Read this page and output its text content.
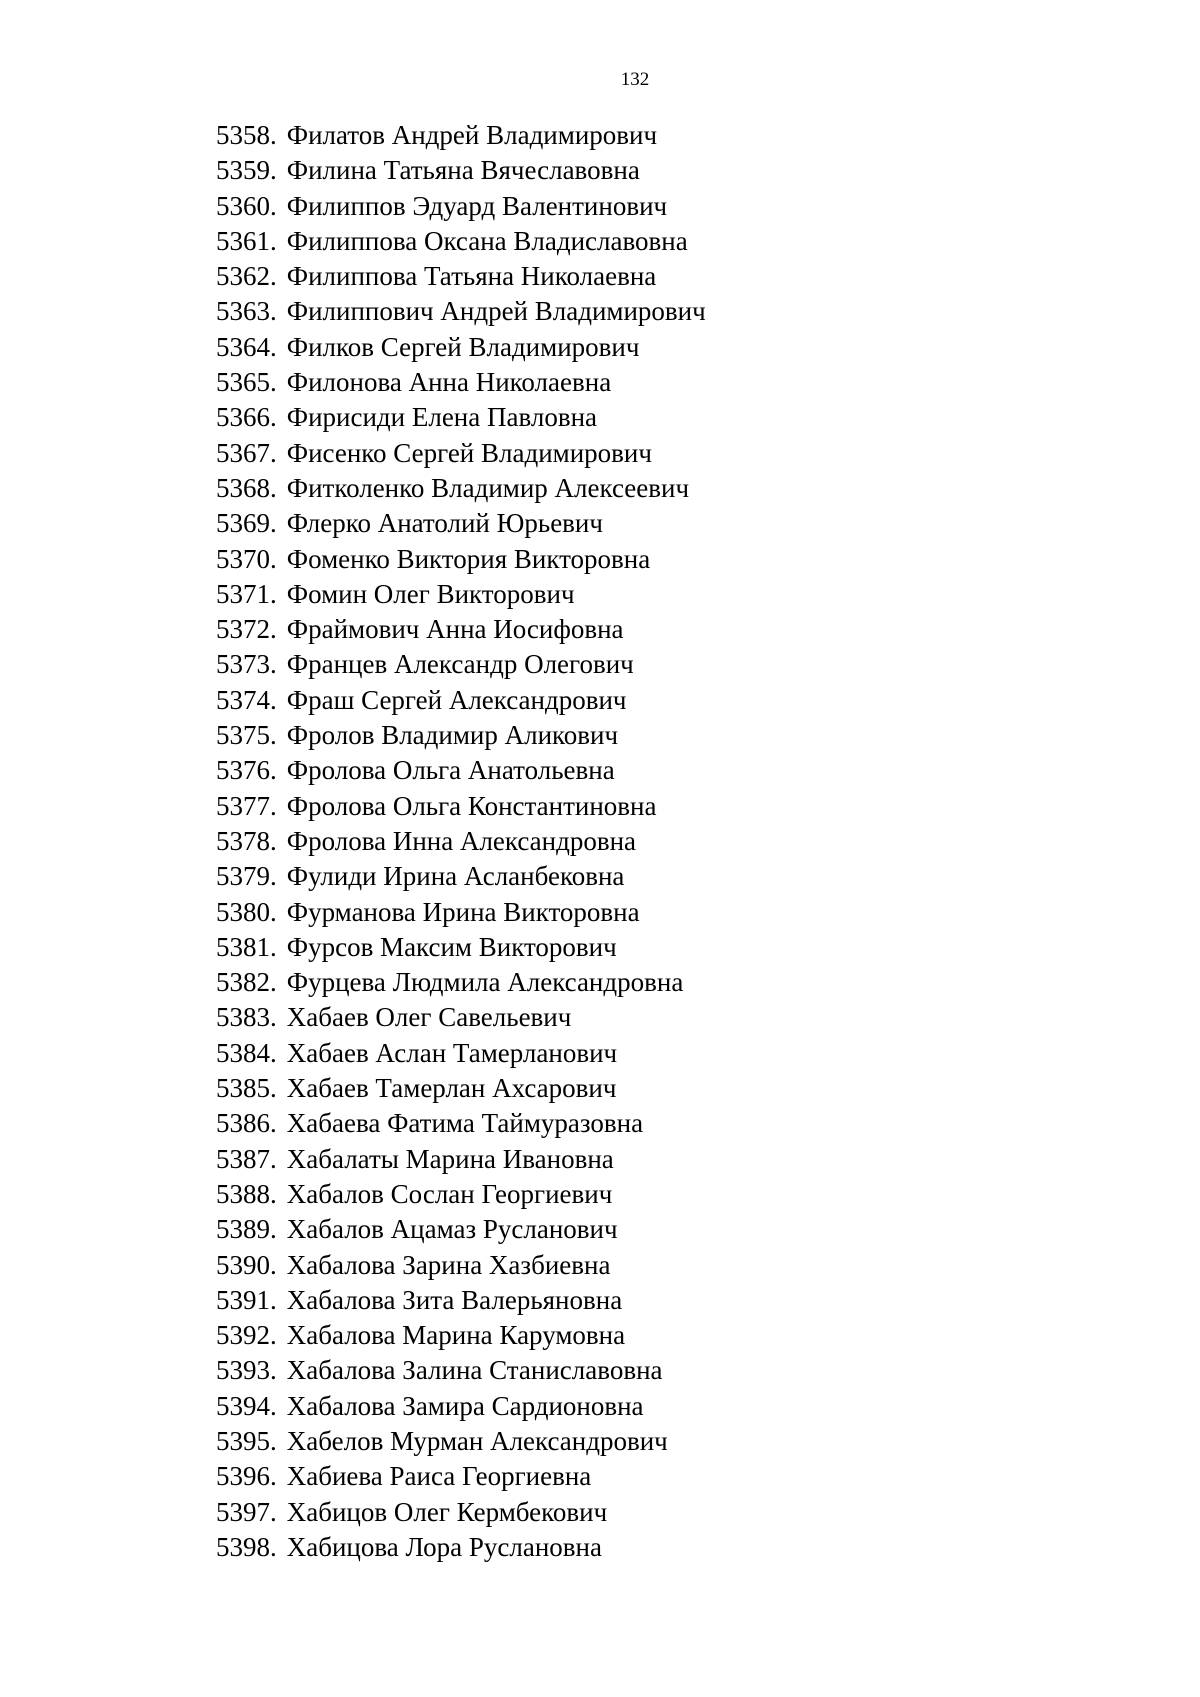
132
5358. Филатов Андрей Владимирович
5359. Филина Татьяна Вячеславовна
5360. Филиппов Эдуард Валентинович
5361. Филиппова Оксана Владиславовна
5362. Филиппова Татьяна Николаевна
5363. Филиппович Андрей Владимирович
5364. Филков Сергей Владимирович
5365. Филонова Анна Николаевна
5366. Фирисиди Елена Павловна
5367. Фисенко Сергей Владимирович
5368. Фитколенко Владимир Алексеевич
5369. Флерко Анатолий Юрьевич
5370. Фоменко Виктория Викторовна
5371. Фомин Олег Викторович
5372. Фраймович Анна Иосифовна
5373. Францев Александр Олегович
5374. Фраш Сергей Александрович
5375. Фролов Владимир Аликович
5376. Фролова Ольга Анатольевна
5377. Фролова Ольга Константиновна
5378. Фролова Инна Александровна
5379. Фулиди Ирина Асланбековна
5380. Фурманова Ирина Викторовна
5381. Фурсов Максим Викторович
5382. Фурцева Людмила Александровна
5383. Хабаев Олег Савельевич
5384. Хабаев Аслан Тамерланович
5385. Хабаев Тамерлан Ахсарович
5386. Хабаева Фатима Таймуразовна
5387. Хабалаты Марина Ивановна
5388. Хабалов Сослан Георгиевич
5389. Хабалов Ацамаз Русланович
5390. Хабалова Зарина Хазбиевна
5391. Хабалова Зита Валерьяновна
5392. Хабалова Марина Карумовна
5393. Хабалова Залина Станиславовна
5394. Хабалова Замира Сардионовна
5395. Хабелов Мурман Александрович
5396. Хабиева Раиса Георгиевна
5397. Хабицов Олег Кермбекович
5398. Хабицова Лора Руслановна
